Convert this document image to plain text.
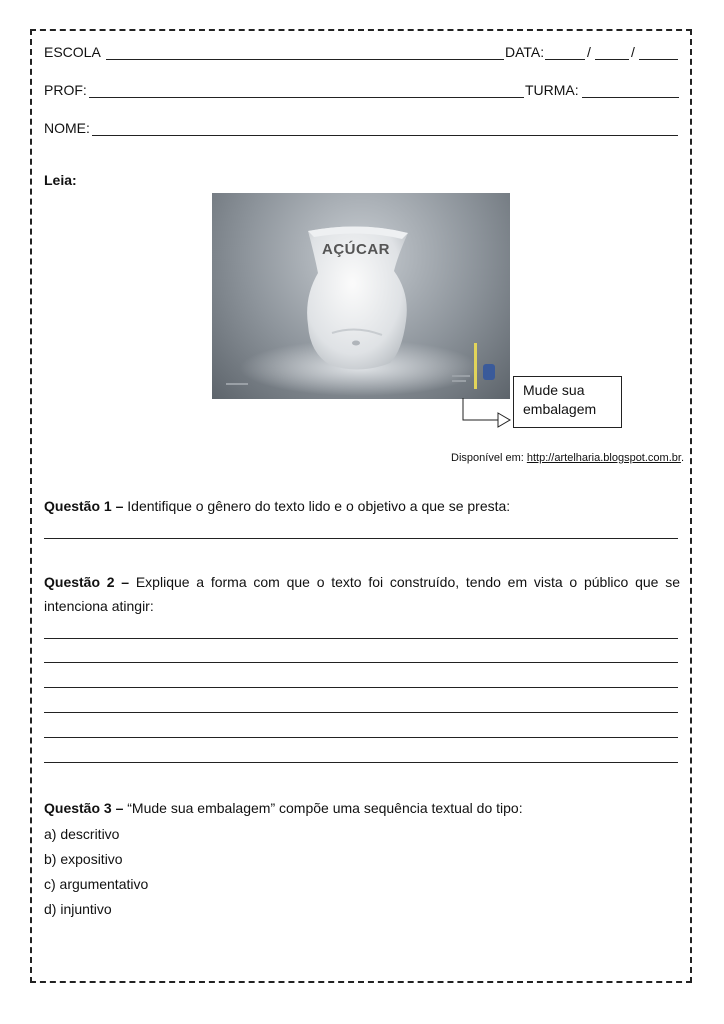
ESCOLA	DATA:	/	/
PROF:	TURMA:
NOME:
Leia:
AÇÚCAR
Mude sua embalagem
Disponível em: http://artelharia.blogspot.com.br.
Questão 1 – Identifique o gênero do texto lido e o objetivo a que se presta:
Questão 2 – Explique a forma com que o texto foi construído, tendo em vista o público que se intenciona atingir:
Questão 3 – “Mude sua embalagem” compõe uma sequência textual do tipo:
a) descritivo
b) expositivo
c) argumentativo
d) injuntivo
